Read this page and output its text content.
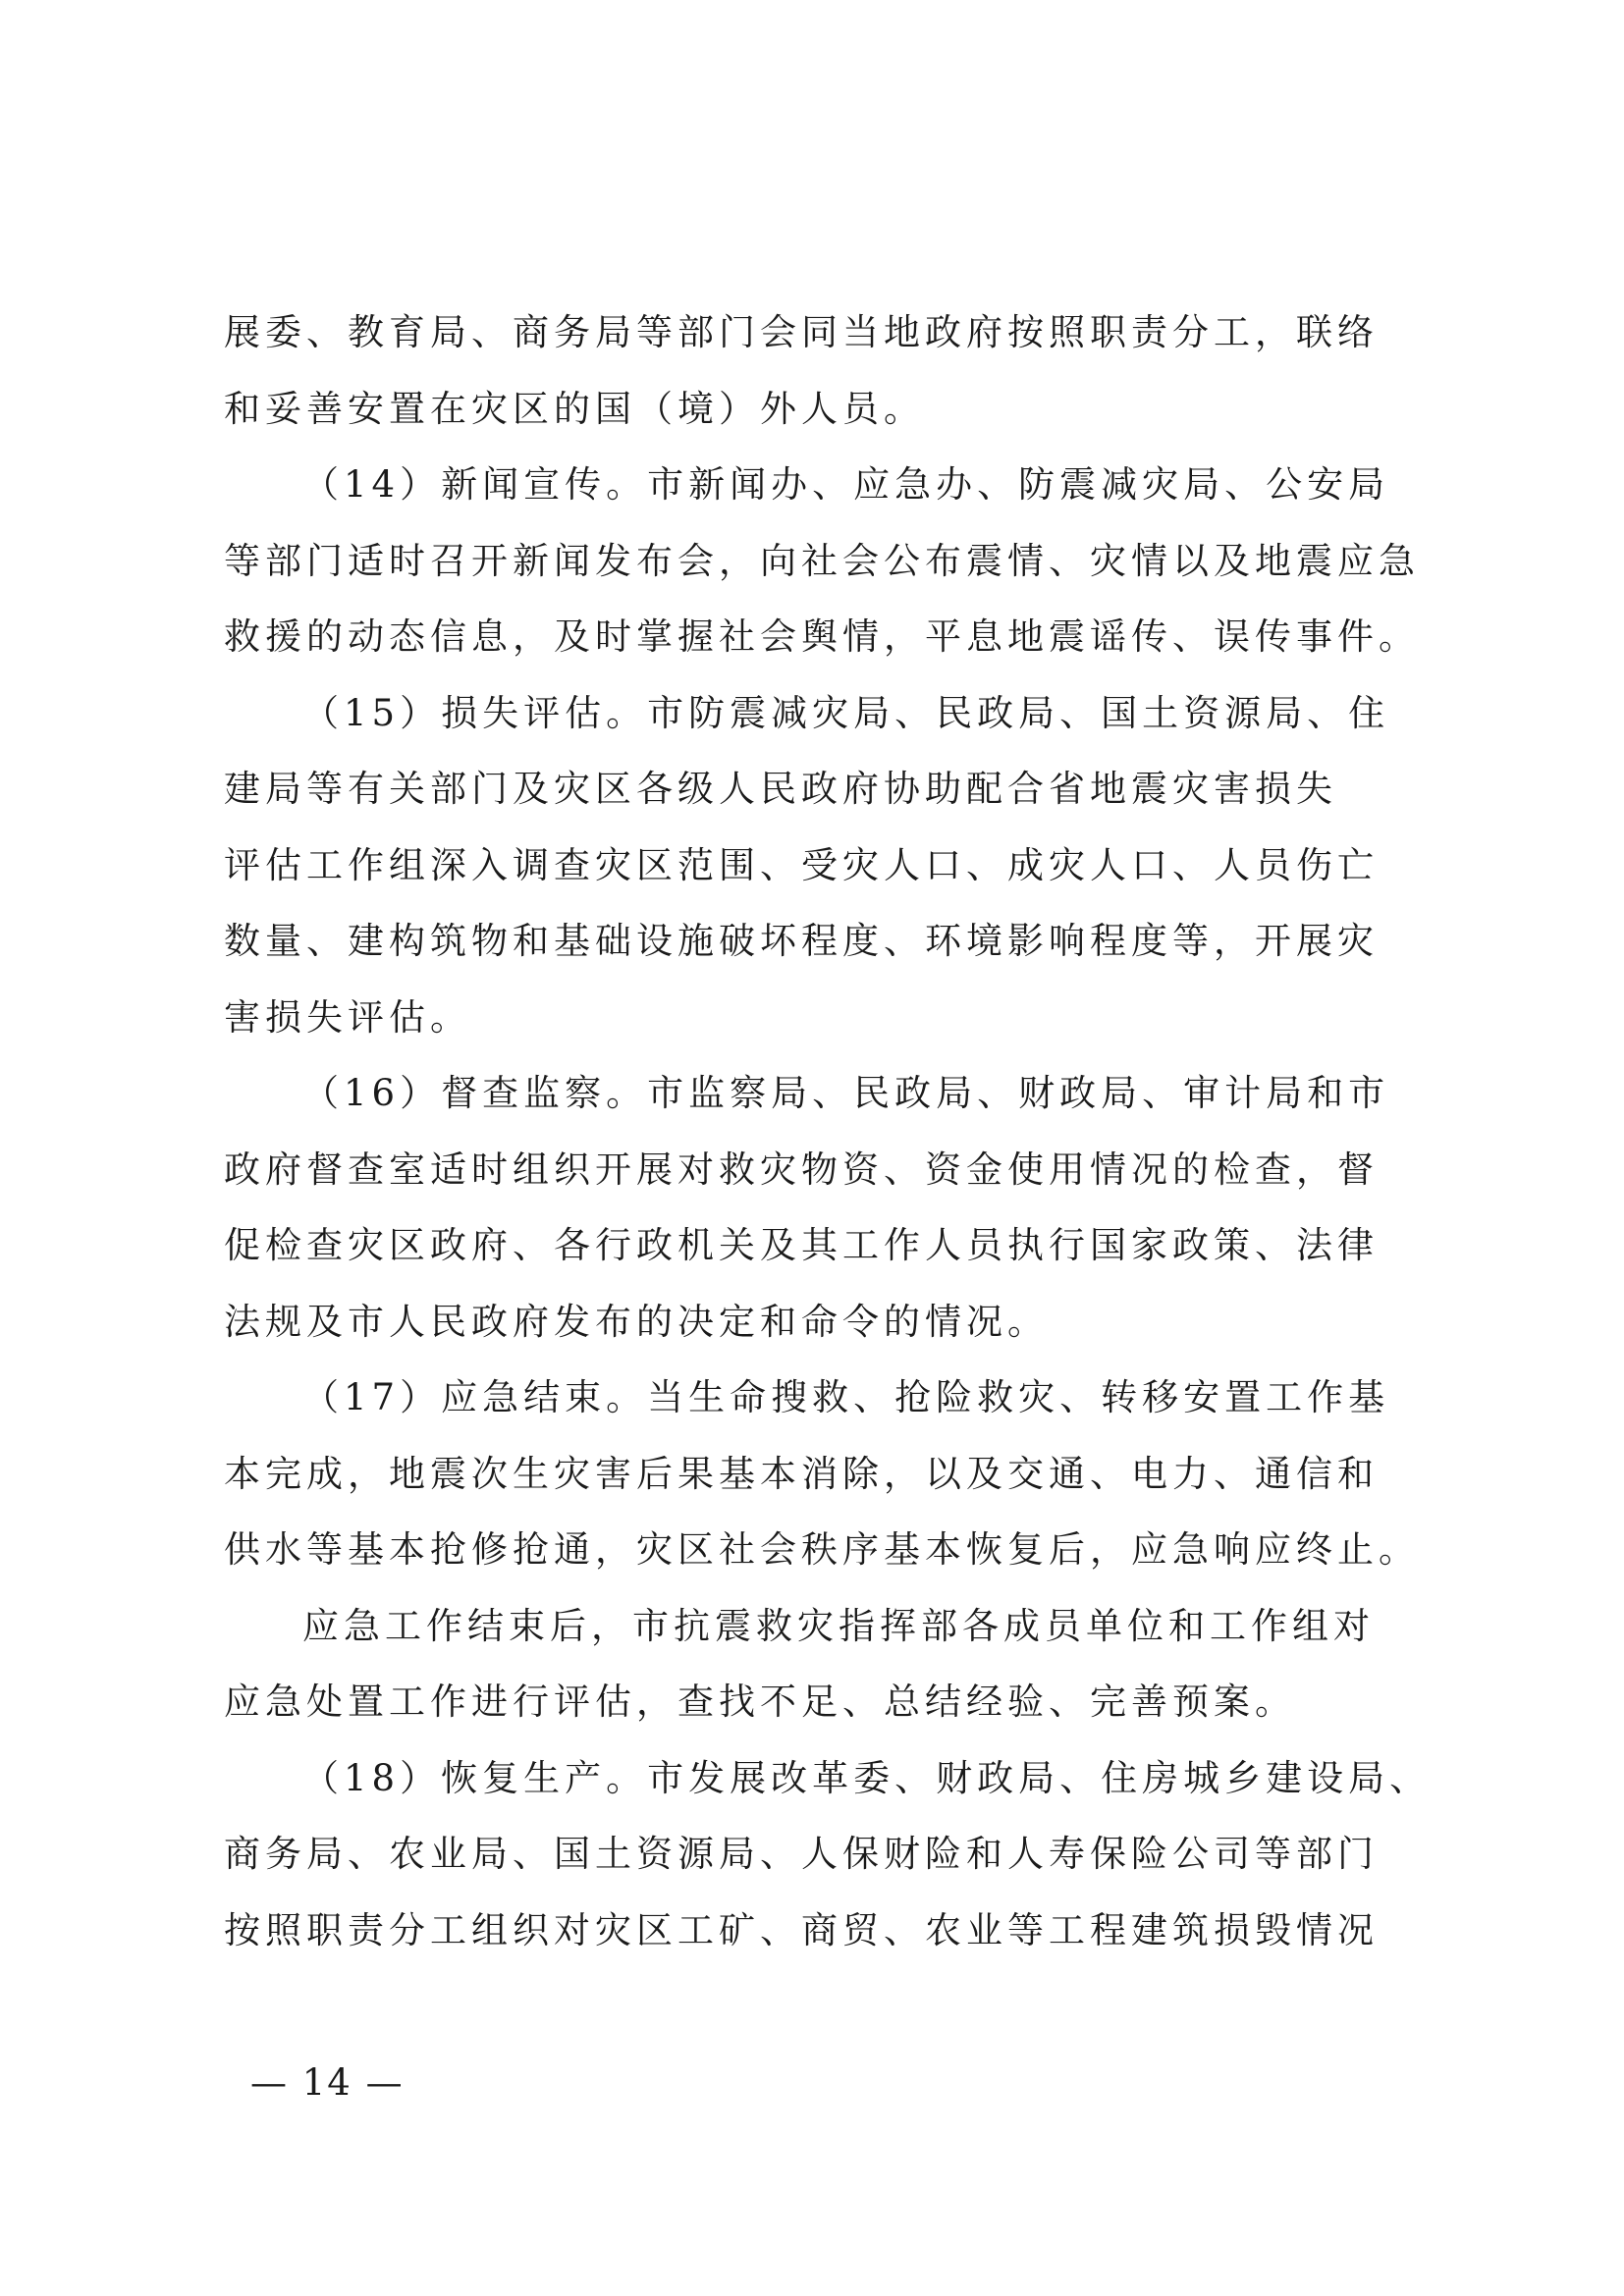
展委、教育局、商务局等部门会同当地政府按照职责分工，联络
和妥善安置在灾区的国（境）外人员。
（14）新闻宣传。市新闻办、应急办、防震减灾局、公安局
等部门适时召开新闻发布会，向社会公布震情、灾情以及地震应急
救援的动态信息，及时掌握社会舆情，平息地震谣传、误传事件。
（15）损失评估。市防震减灾局、民政局、国土资源局、住
建局等有关部门及灾区各级人民政府协助配合省地震灾害损失
评估工作组深入调查灾区范围、受灾人口、成灾人口、人员伤亡
数量、建构筑物和基础设施破坏程度、环境影响程度等，开展灾
害损失评估。
（16）督查监察。市监察局、民政局、财政局、审计局和市
政府督查室适时组织开展对救灾物资、资金使用情况的检查，督
促检查灾区政府、各行政机关及其工作人员执行国家政策、法律
法规及市人民政府发布的决定和命令的情况。
（17）应急结束。当生命搜救、抢险救灾、转移安置工作基
本完成，地震次生灾害后果基本消除，以及交通、电力、通信和
供水等基本抢修抢通，灾区社会秩序基本恢复后，应急响应终止。
应急工作结束后，市抗震救灾指挥部各成员单位和工作组对
应急处置工作进行评估，查找不足、总结经验、完善预案。
（18）恢复生产。市发展改革委、财政局、住房城乡建设局、
商务局、农业局、国土资源局、人保财险和人寿保险公司等部门
按照职责分工组织对灾区工矿、商贸、农业等工程建筑损毁情况
— 14 —
